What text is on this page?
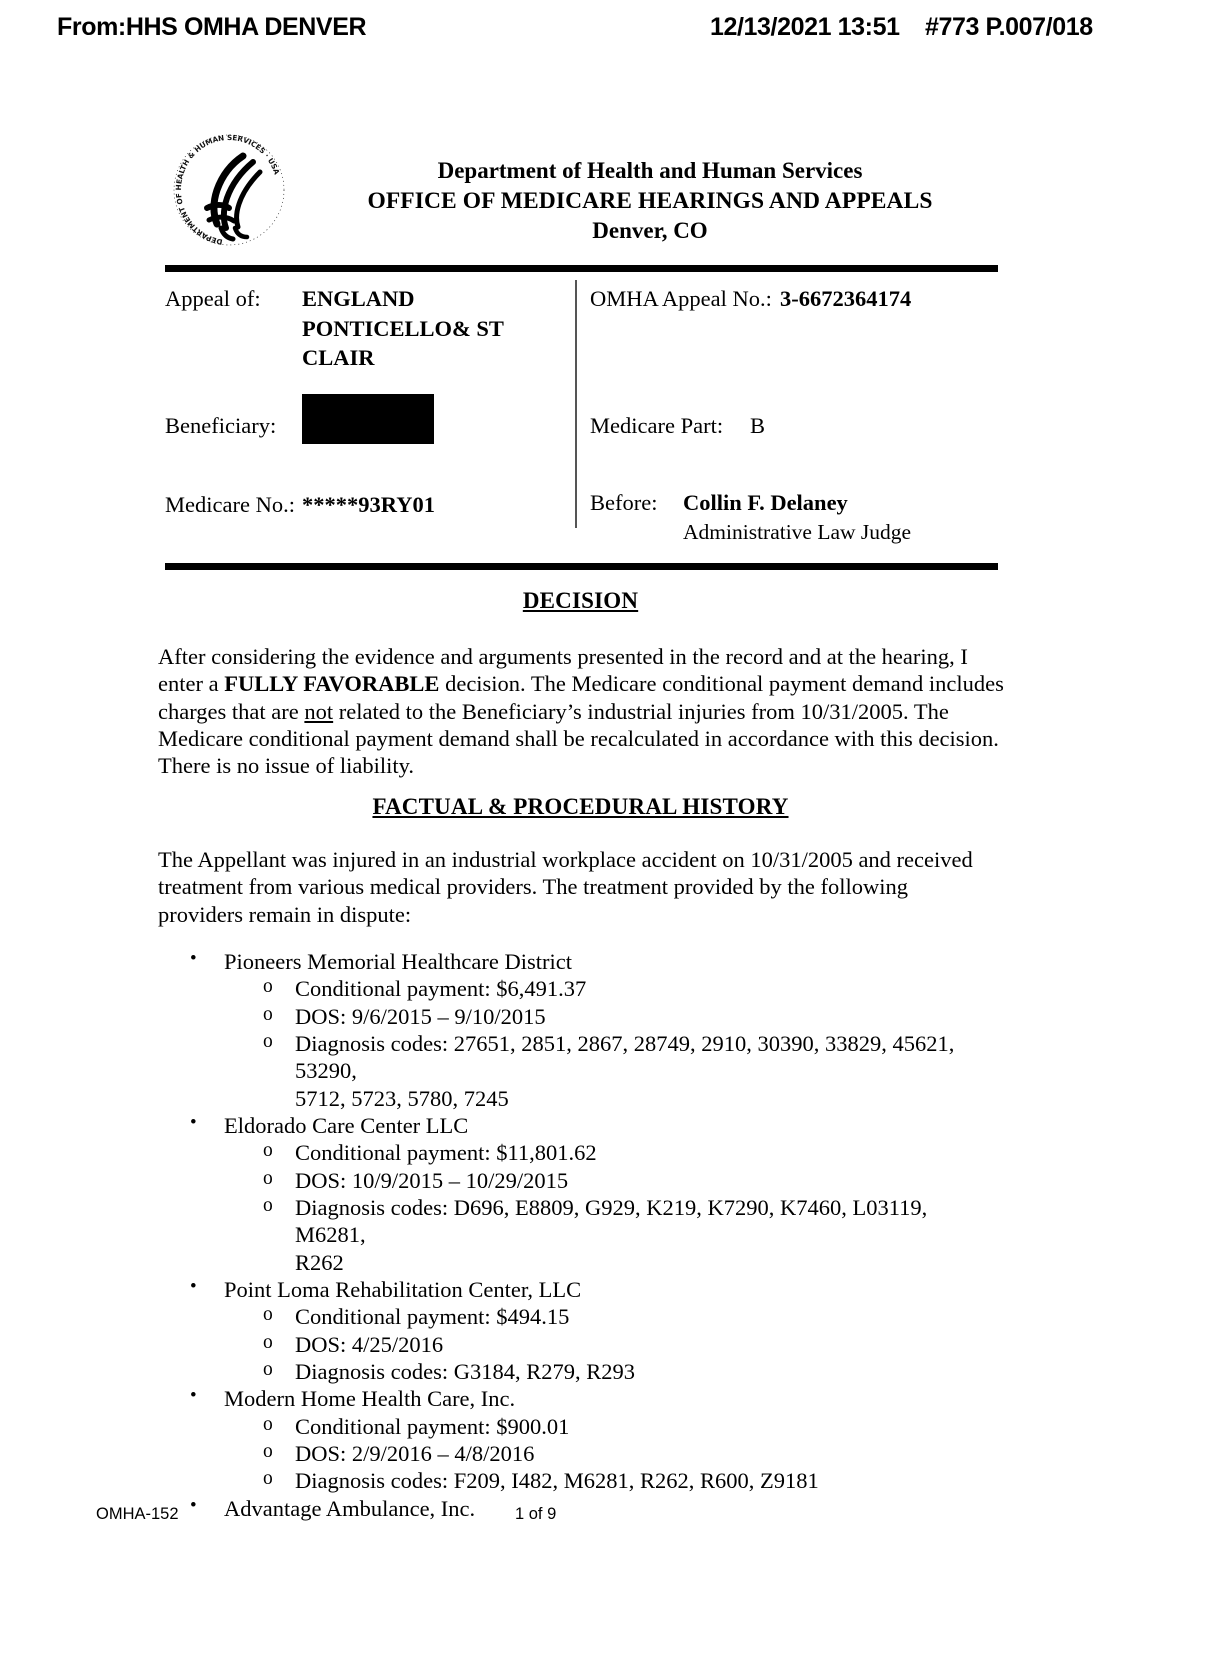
From:HHS OMHA DENVER	12/13/2021 13:51 #773 P.007/018
DEPARTMENT OF HEALTH & HUMAN SERVICES · USA	Department of Health and Human Services
OFFICE OF MEDICARE HEARINGS AND APPEALS
Denver, CO
Appeal of: ENGLAND PONTICELLO& ST CLAIR
Beneficiary:
Medicare No.: *****93RY01
OMHA Appeal No.: 3-6672364174
Medicare Part: B
Before: Collin F. Delaney
Administrative Law Judge
DECISION

After considering the evidence and arguments presented in the record and at the hearing, I enter a FULLY FAVORABLE decision. The Medicare conditional payment demand includes charges that are not related to the Beneficiary’s industrial injuries from 10/31/2005. The Medicare conditional payment demand shall be recalculated in accordance with this decision. There is no issue of liability.

FACTUAL & PROCEDURAL HISTORY

The Appellant was injured in an industrial workplace accident on 10/31/2005 and received treatment from various medical providers. The treatment provided by the following providers remain in dispute:

• Pioneers Memorial Healthcare District
o Conditional payment: $6,491.37
o DOS: 9/6/2015 – 9/10/2015
o Diagnosis codes: 27651, 2851, 2867, 28749, 2910, 30390, 33829, 45621, 53290,
5712, 5723, 5780, 7245
• Eldorado Care Center LLC
o Conditional payment: $11,801.62
o DOS: 10/9/2015 – 10/29/2015
o Diagnosis codes: D696, E8809, G929, K219, K7290, K7460, L03119, M6281,
R262
• Point Loma Rehabilitation Center, LLC
o Conditional payment: $494.15
o DOS: 4/25/2016
o Diagnosis codes: G3184, R279, R293
• Modern Home Health Care, Inc.
o Conditional payment: $900.01
o DOS: 2/9/2016 – 4/8/2016
o Diagnosis codes: F209, I482, M6281, R262, R600, Z9181
• Advantage Ambulance, Inc.
OMHA-152	1 of 9
